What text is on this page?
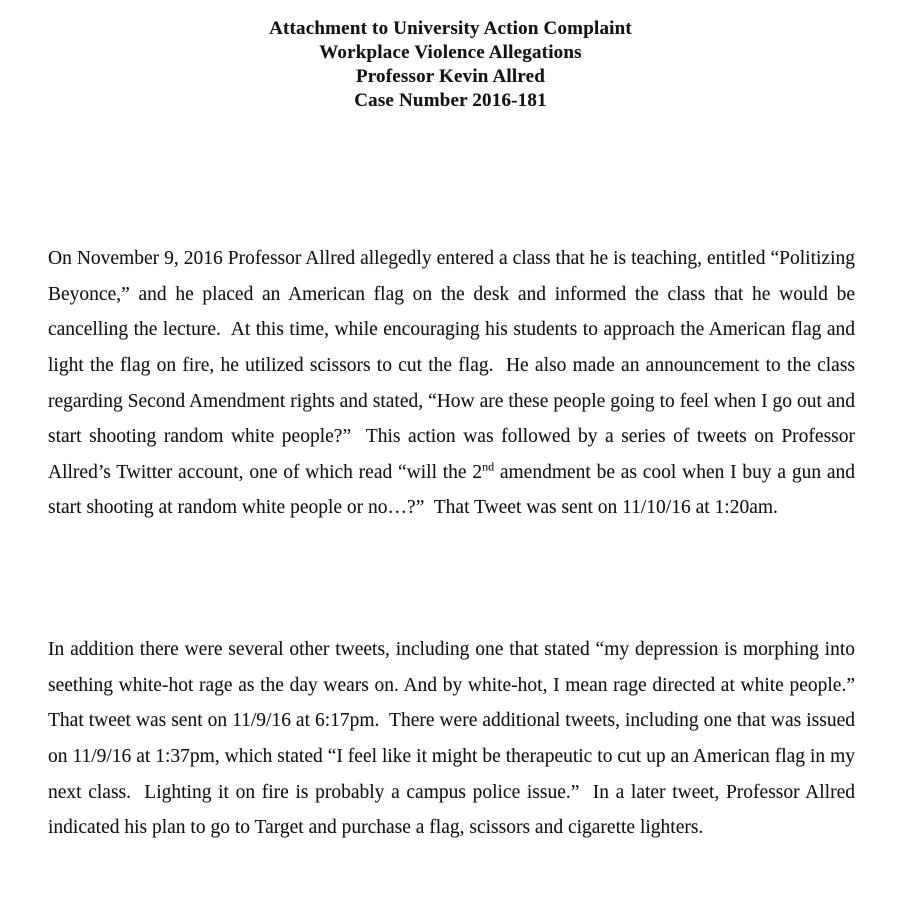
Attachment to University Action Complaint
Workplace Violence Allegations
Professor Kevin Allred
Case Number 2016-181

On November 9, 2016 Professor Allred allegedly entered a class that he is teaching, entitled “Politizing Beyonce,” and he placed an American flag on the desk and informed the class that he would be cancelling the lecture.  At this time, while encouraging his students to approach the American flag and light the flag on fire, he utilized scissors to cut the flag.  He also made an announcement to the class regarding Second Amendment rights and stated, “How are these people going to feel when I go out and start shooting random white people?”  This action was followed by a series of tweets on Professor Allred’s Twitter account, one of which read “will the 2nd amendment be as cool when I buy a gun and start shooting at random white people or no…?”  That Tweet was sent on 11/10/16 at 1:20am.

In addition there were several other tweets, including one that stated “my depression is morphing into seething white-hot rage as the day wears on. And by white-hot, I mean rage directed at white people.”  That tweet was sent on 11/9/16 at 6:17pm.  There were additional tweets, including one that was issued on 11/9/16 at 1:37pm, which stated “I feel like it might be therapeutic to cut up an American flag in my next class.  Lighting it on fire is probably a campus police issue.”  In a later tweet, Professor Allred indicated his plan to go to Target and purchase a flag, scissors and cigarette lighters.
